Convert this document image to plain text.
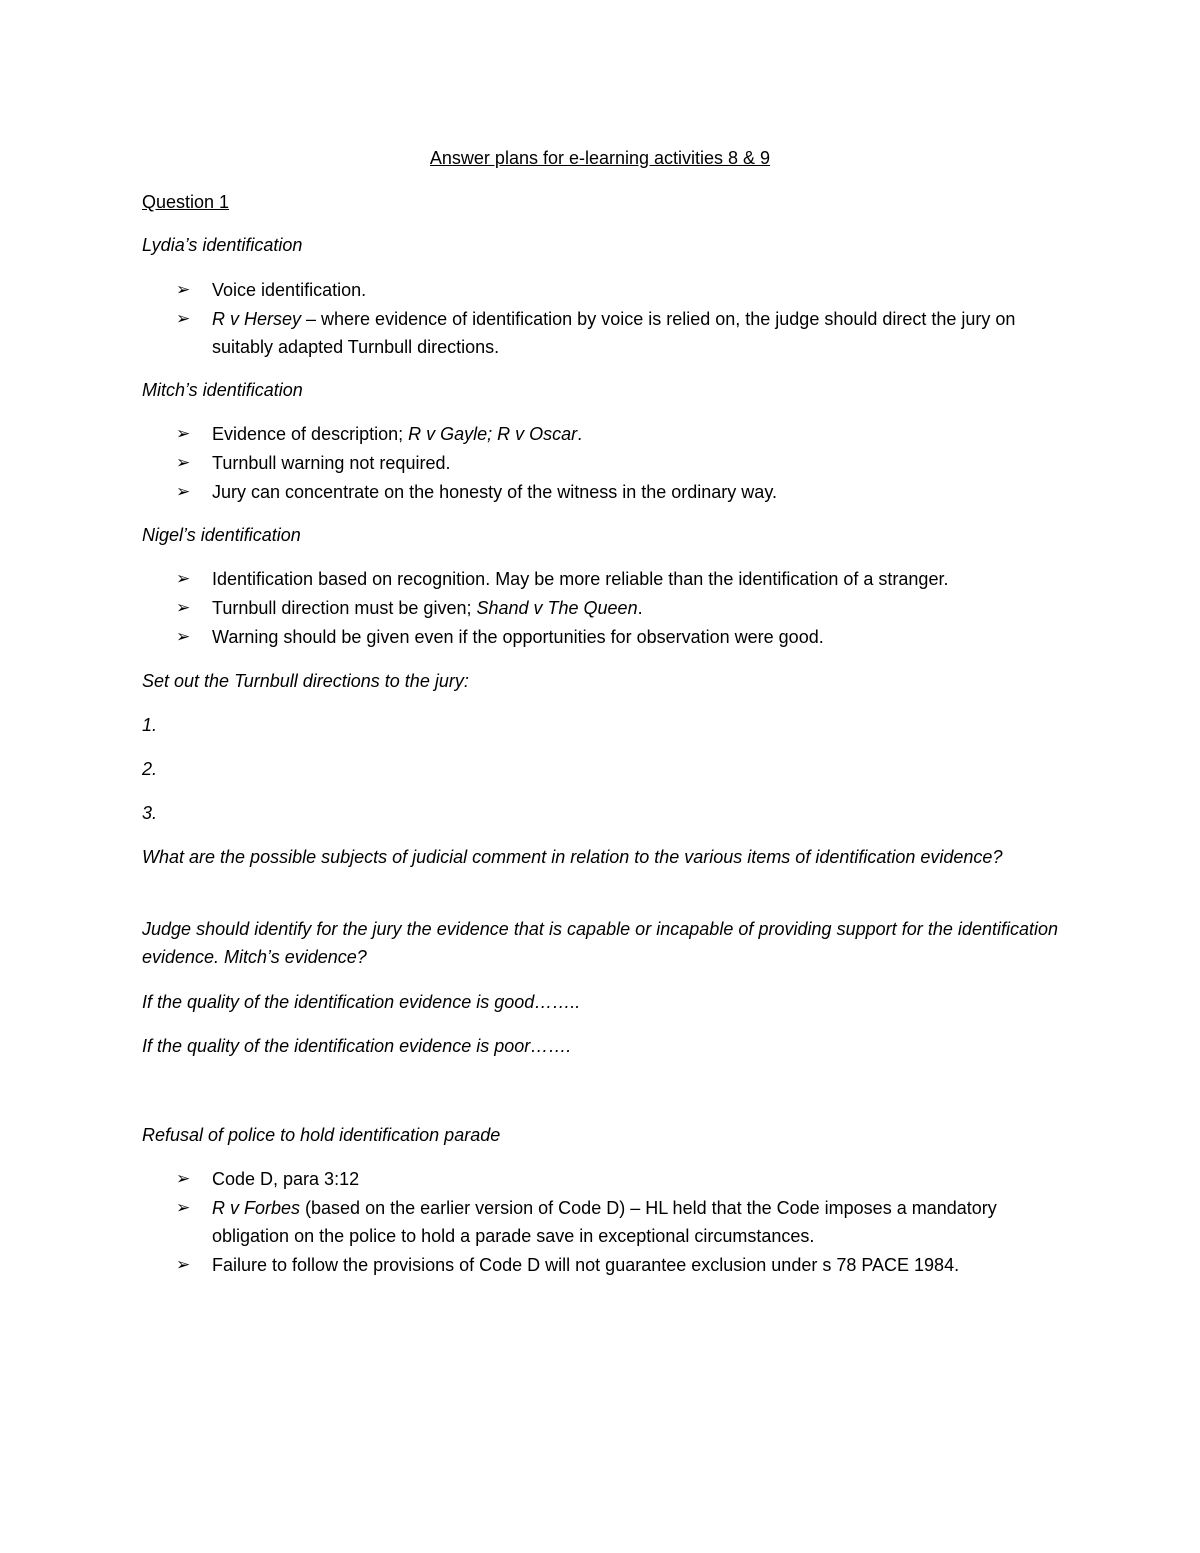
Answer plans for e-learning activities 8 & 9
Question 1
Lydia’s identification
➢	Voice identification.
➢	R v Hersey – where evidence of identification by voice is relied on, the judge should direct the jury on suitably adapted Turnbull directions.
Mitch’s identification
➢	Evidence of description; R v Gayle; R v Oscar.
➢	Turnbull warning not required.
➢	Jury can concentrate on the honesty of the witness in the ordinary way.
Nigel’s identification
➢	Identification based on recognition. May be more reliable than the identification of a stranger.
➢	Turnbull direction must be given; Shand v The Queen.
➢	Warning should be given even if the opportunities for observation were good.
Set out the Turnbull directions to the jury:
1.
2.
3.
What are the possible subjects of judicial comment in relation to the various items of identification evidence?
Judge should identify for the jury the evidence that is capable or incapable of providing support for the identification evidence. Mitch’s evidence?
If the quality of the identification evidence is good……..
If the quality of the identification evidence is poor…….
Refusal of police to hold identification parade
➢	Code D, para 3:12
➢	R v Forbes (based on the earlier version of Code D) – HL held that the Code imposes a mandatory obligation on the police to hold a parade save in exceptional circumstances.
➢	Failure to follow the provisions of Code D will not guarantee exclusion under s 78 PACE 1984.
